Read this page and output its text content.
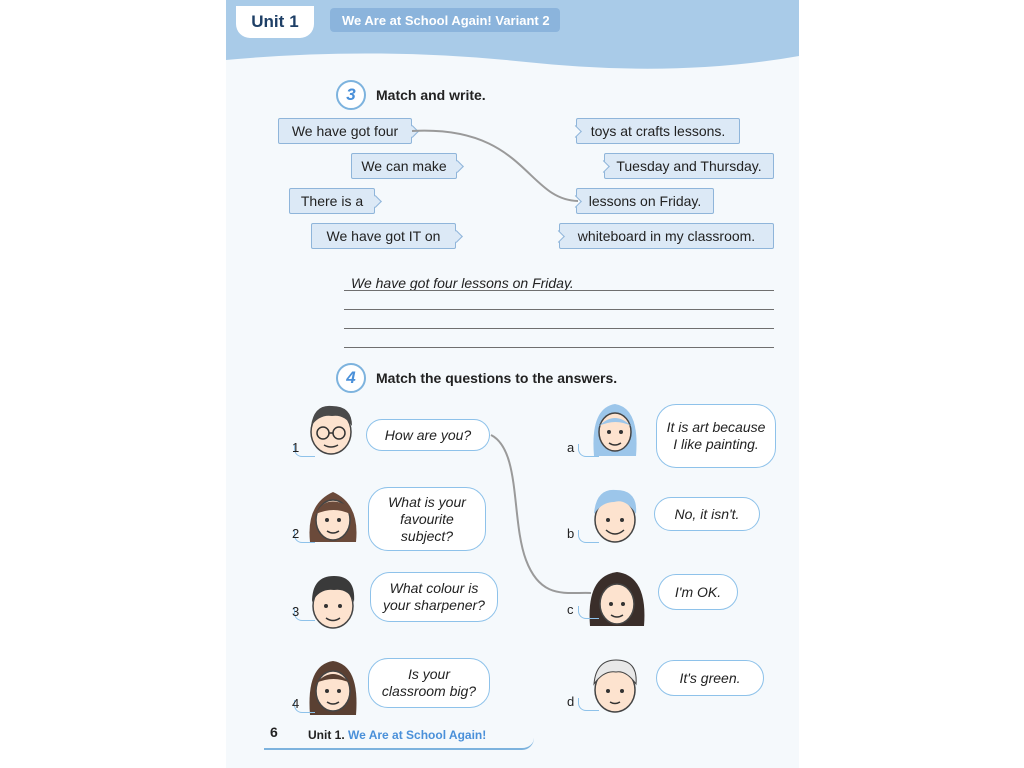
Unit 1	We Are at School Again! Variant 2
3	Match and write.
We have got four
We can make
There is a
We have got IT on
toys at crafts lessons.
Tuesday and Thursday.
lessons on Friday.
whiteboard in my classroom.
We have got four lessons on Friday.
4	Match the questions to the answers.
1
2
3
4
How are you?
What is your favourite subject?
What colour is your sharpener?
Is your classroom big?
a
b
c
d
It is art because I like painting.
No, it isn't.
I'm OK.
It's green.
6	Unit 1. We Are at School Again!
